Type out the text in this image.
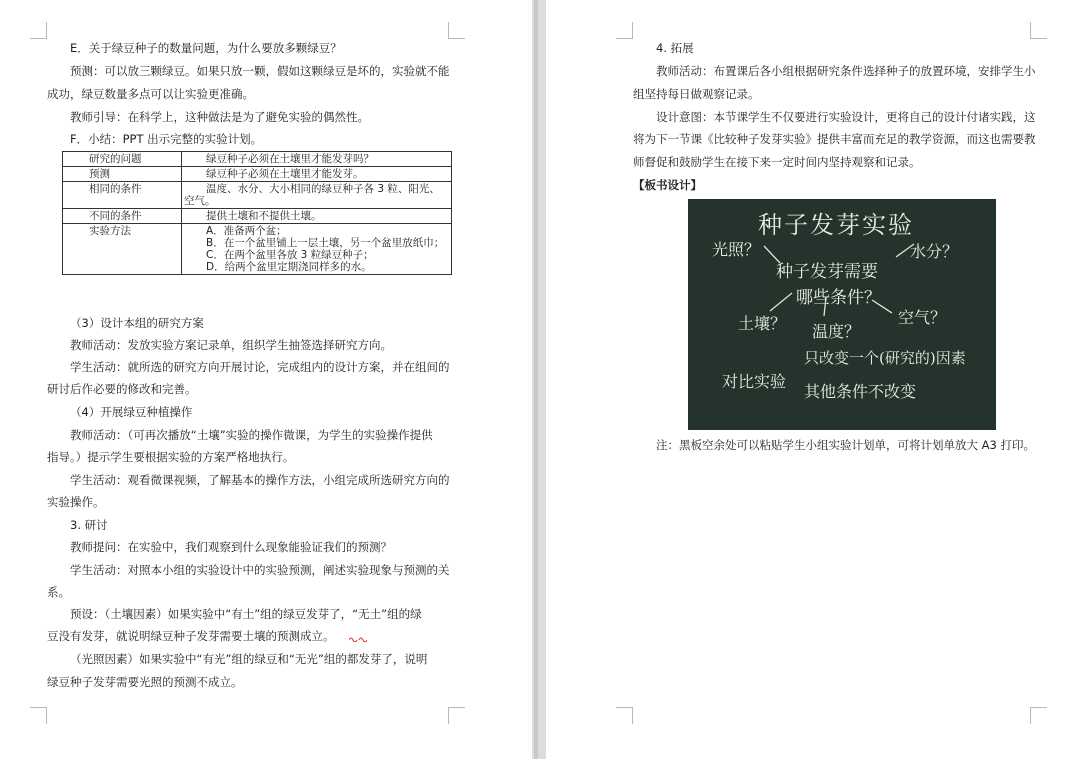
E．关于绿豆种子的数量问题，为什么要放多颗绿豆？
预测：可以放三颗绿豆。如果只放一颗，假如这颗绿豆是坏的，实验就不能
成功，绿豆数量多点可以让实验更准确。
教师引导：在科学上，这种做法是为了避免实验的偶然性。
F．小结：PPT 出示完整的实验计划。
研究的问题	绿豆种子必须在土壤里才能发芽吗？
预测	绿豆种子必须在土壤里才能发芽。
相同的条件	温度、水分、大小相同的绿豆种子各 3 粒、阳光、
空气。

不同的条件	提供土壤和不提供土壤。
实验方法	A．准备两个盆；
B．在一个盆里铺上一层土壤，另一个盆里放纸巾；
C．在两个盆里各放 3 粒绿豆种子；
D．给两个盆里定期浇同样多的水。
（3）设计本组的研究方案
教师活动：发放实验方案记录单，组织学生抽签选择研究方向。
学生活动：就所选的研究方向开展讨论，完成组内的设计方案，并在组间的
研讨后作必要的修改和完善。
（4）开展绿豆种植操作
教师活动：（可再次播放“土壤”实验的操作微课，为学生的实验操作提供
指导。）提示学生要根据实验的方案严格地执行。
学生活动：观看微课视频，了解基本的操作方法，小组完成所选研究方向的
实验操作。
3. 研讨
教师提问：在实验中，我们观察到什么现象能验证我们的预测？
学生活动：对照本小组的实验设计中的实验预测，阐述实验现象与预测的关
系。
预设：（土壤因素）如果实验中“有土”组的绿豆发芽了，“无土”组的绿
豆没有发芽，就说明绿豆种子发芽需要土壤的预测成立。
（光照因素）如果实验中“有光”组的绿豆和“无光”组的都发芽了，说明
绿豆种子发芽需要光照的预测不成立。
4. 拓展
教师活动：布置课后各小组根据研究条件选择种子的放置环境，安排学生小
组坚持每日做观察记录。
设计意图：本节课学生不仅要进行实验设计，更将自己的设计付诸实践，这
将为下一节课《比较种子发芽实验》提供丰富而充足的教学资源，而这也需要教
师督促和鼓励学生在接下来一定时间内坚持观察和记录。
【板书设计】
种子发芽实验
光照？	水分？
种子发芽需要
哪些条件？
土壤？	空气？
温度？
只改变一个(研究的)因素
对比实验
其他条件不改变
注：黑板空余处可以粘贴学生小组实验计划单，可将计划单放大 A3 打印。
